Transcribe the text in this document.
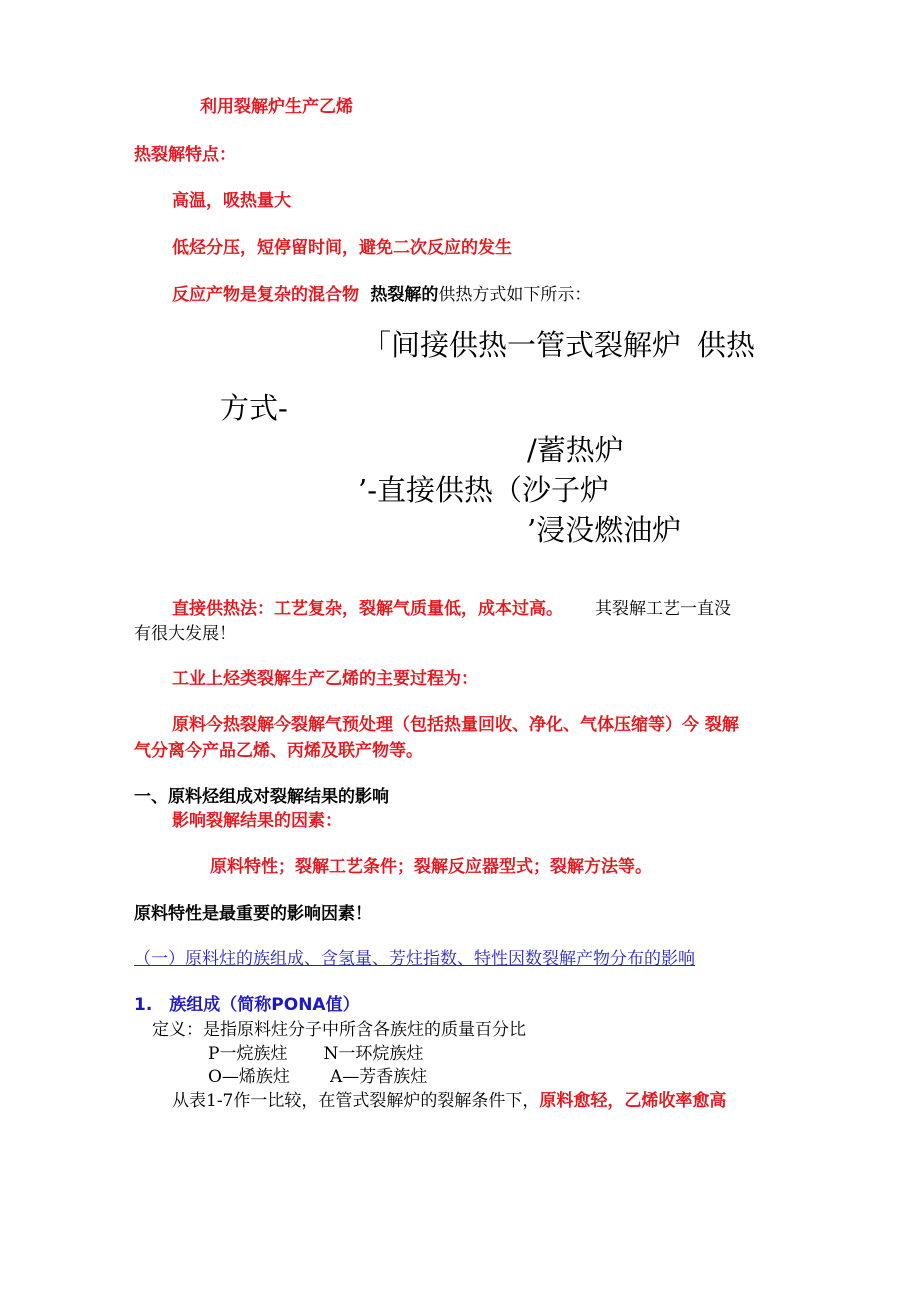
利用裂解炉生产乙烯
热裂解特点：
高温，吸热量大
低烃分压，短停留时间，避免二次反应的发生
反应产物是复杂的混合物 热裂解的供热方式如下所示：
「间接供热一管式裂解炉 供热
方式-
/蓄热炉
’-直接供热（沙子炉
’浸没燃油炉
直接供热法：工艺复杂，裂解气质量低，成本过高。 其裂解工艺一直没
有很大发展！
工业上烃类裂解生产乙烯的主要过程为：
原料今热裂解今裂解气预处理（包括热量回收、净化、气体压缩等）今 裂解
气分离今产品乙烯、丙烯及联产物等。
一、原料烃组成对裂解结果的影响
影响裂解结果的因素：
原料特性；裂解工艺条件；裂解反应器型式；裂解方法等。
原料特性是最重要的影响因素！
（一）原料炷的族组成、含氢量、芳炷指数、特性因数裂解产物分布的影响
1.　族组成（简称PONA值）
定义：是指原料炷分子中所含各族炷的质量百分比
P一烷族炷 N一环烷族炷
O—烯族炷 A—芳香族炷
从表1-7作一比较，在管式裂解炉的裂解条件下，原料愈轻，乙烯收率愈高
